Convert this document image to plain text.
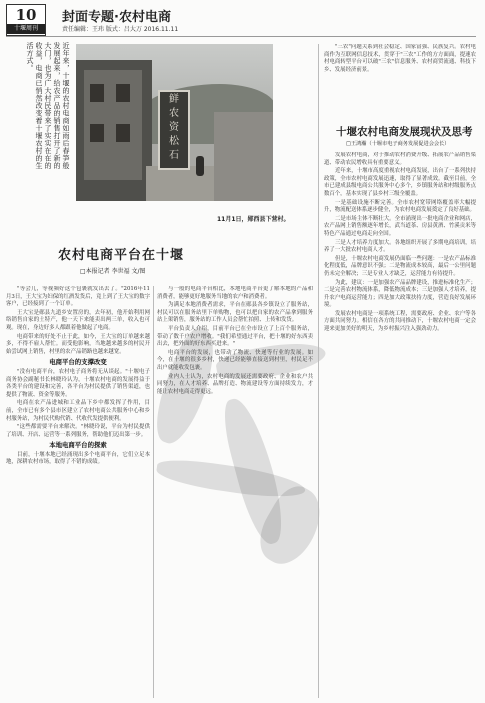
10
十堰周刊
封面专题·农村电商
责任编辑：王玮 版式：吕大万 2016.11.11
近年来，十堰的农村电商如雨后春笋般发展起来，给农产品的销售打开了新的大门，也为广大村民带来了实实在在的收益，电商已悄然改变着十堰农村的生活方式。
鲜
农
资
松
石
11月1日，郧西县下营村。
农村电商平台在十堰
□本报记者 李世福 文/图

"等会儿，等视频好这个包裹就发出去了。"2016年11月3日，王大宝为妇保的红酒发货后，竟上到了王大宝的数字客户，已经接到了一个订单。

王大宝是郧县九道乡安置房的，去年初，他开始利用网络销售自家的土特产，他一天下来能卖出两三单，收入也可观。现在，身边好多人都跟着他做起了电商。

电商带来的好处不止于此，如今，王大宝的订单越来越多，不得不雇人帮忙。而受他影响，当地越来越多的村民开始尝试网上销售，村里的农产品销路也越来越宽。

电商平台的支撑改变

"没有电商平台，农村电子商务将无从谈起。"十堰电子商务协会副秘书长林晓玲认为，十堰农村电商的发展得益于各类平台的建设和完善，各平台为村民提供了销售渠道，也提供了物流、资金等服务。

电商在农产品进城和工业品下乡中都发挥了作用，目前，全市已有多个县市区建立了农村电商公共服务中心和乡村服务站，为村民代购代销、代收代发提供便利。

"这些都需要平台来解决。"林晓玲说，平台为村民提供了培训、开店、运营等一系列服务，帮助他们迈出第一步。

本地电商平台的探索

目前，十堰本地已经涌现出多个电商平台，它们立足本地，深耕农村市场，取得了不错的成绩。

与一般的电商平台相比，本地电商平台更了解本地的产品和消费者，能够更好地服务当地的农户和消费者。

为满足本地消费者需求，平台在郧县各乡镇设立了服务站，村民可以在服务站里下单购物，也可以把自家的农产品拿到服务站上架销售，服务站的工作人员会帮忙拍照、上传和发货。

平台负责人介绍，目前平台已在全市设立了上百个服务站，带动了数千户农户增收。"我们希望通过平台，把十堰的好东西卖出去，把外面的好东西买进来。"

电商平台的发展，也带动了物流、快递等行业的发展。如今，在十堰的很多乡村，快递已经能够直接送到村里，村民足不出户就能收发包裹。

业内人士认为，农村电商的发展还需要政府、企业和农户共同努力，在人才培养、品牌打造、物流建设等方面持续发力，才能让农村电商走得更远。

"三农"问题关系到社会稳定、国家富强、民族复兴。农村电商作为互联网信息技术，贯穿于"三农"工作的方方面面，提速农村电商转型平台可以破"三农"信息服务、农村商贸流通、科技下乡、发展经济前景。

十堰农村电商发展现状及思考
□王鸿瀚（十堰市电子商务发展促进会会长）

发展农村电商，对于推动农村消费升级、拓展农产品销售渠道、带动农民增收具有重要意义。

近年来，十堰市高度重视农村电商发展，出台了一系列扶持政策，全市农村电商发展迅速，取得了显著成效。截至目前，全市已建成县级电商公共服务中心多个，乡镇服务站和村级服务点数百个，基本实现了县乡村三级全覆盖。

一是基础设施不断完善。全市农村宽带网络覆盖率大幅提升，物流配送体系逐步健全，为农村电商发展奠定了良好基础。

二是市场主体不断壮大。全市涌现出一批电商企业和网店，农产品网上销售额逐年增长，武当道茶、房县黄酒、竹溪贡米等特色产品通过电商走向全国。

三是人才培养力度加大。各地组织开展了多期电商培训，培养了一大批农村电商人才。

但是，十堰农村电商发展仍面临一些问题：一是农产品标准化程度低，品牌意识不强；二是物流成本较高，最后一公里问题仍未完全解决；三是专业人才缺乏，运营能力有待提升。

为此，建议：一是加强农产品品牌建设，推进标准化生产；二是完善农村物流体系，降低物流成本；三是加强人才培养，提升农户电商运营能力；四是加大政策扶持力度，营造良好发展环境。

发展农村电商是一项系统工程，需要政府、企业、农户等各方面共同努力。相信在各方的共同推动下，十堰农村电商一定会迎来更加美好的明天，为乡村振兴注入强劲动力。
